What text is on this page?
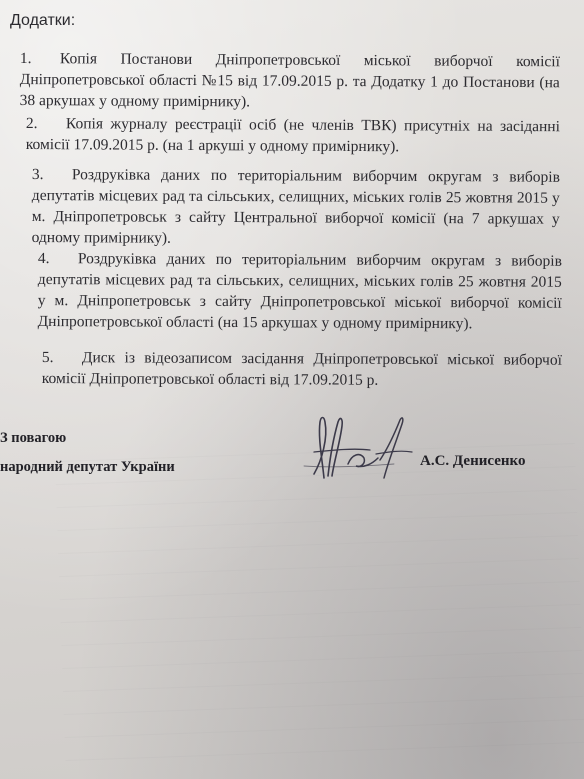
Додатки:
1.	Копія Постанови Дніпропетровської міської виборчої комісії Дніпропетровської області №15 від 17.09.2015 р. та Додатку 1 до Постанови (на 38 аркушах у одному примірнику).
2.	Копія журналу реєстрації осіб (не членів ТВК) присутніх на засіданні комісії 17.09.2015 р. (на 1 аркуші у одному примірнику).
3.	Роздруківка даних по територіальним виборчим округам з виборів депутатів місцевих рад та сільських, селищних, міських голів 25 жовтня 2015 у м. Дніпропетровськ з сайту Центральної виборчої комісії (на 7 аркушах у одному примірнику).
4.	Роздруківка даних по територіальним виборчим округам з виборів депутатів місцевих рад та сільських, селищних, міських голів 25 жовтня 2015 у м. Дніпропетровськ з сайту Дніпропетровської міської виборчої комісії Дніпропетровської області (на 15 аркушах у одному примірнику).
5.	Диск із відеозаписом засідання Дніпропетровської міської виборчої комісії Дніпропетровської області від 17.09.2015 р.
З повагою
народний депутат України	А.С. Денисенко
